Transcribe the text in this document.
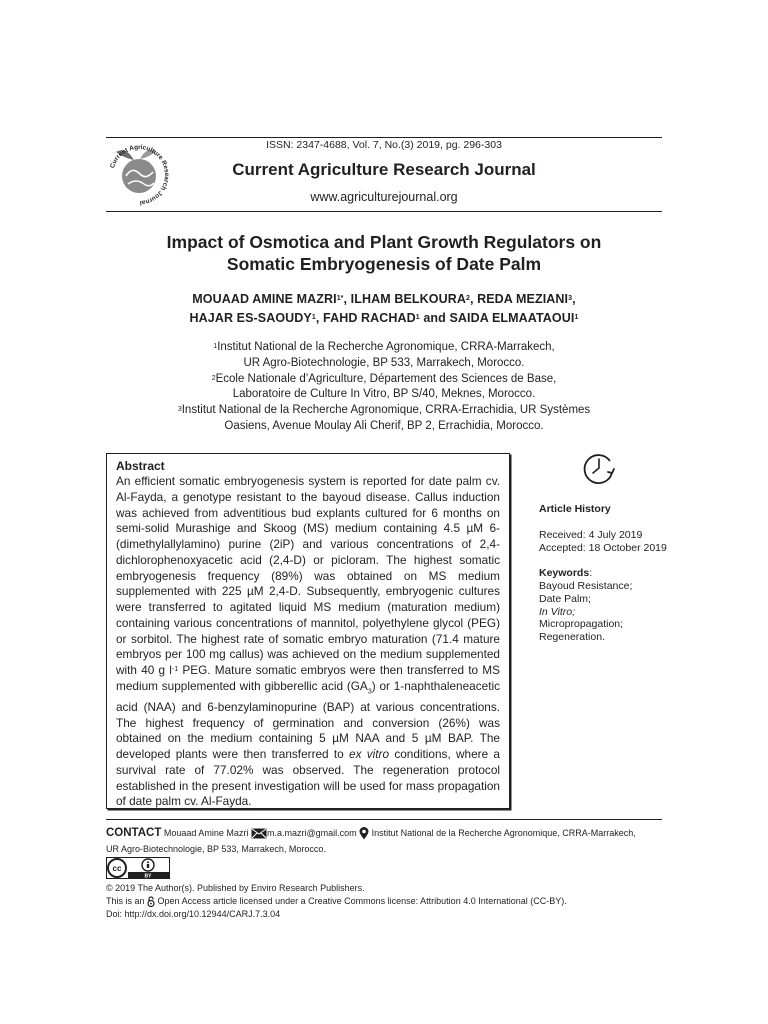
Current Agriculture Research Journal
ISSN: 2347-4688, Vol. 7, No.(3) 2019, pg. 296-303
Current Agriculture Research Journal
www.agriculturejournal.org
Impact of Osmotica and Plant Growth Regulators on
Somatic Embryogenesis of Date Palm
MOUAAD AMINE $MAZRI^{1*}$, ILHAM BELKOURA$^2$, REDA MEZIANI$^3$,
HAJAR ES-SAOUDY$^1$, FAHD RACHAD$^1$ and SAIDA ELMAATAOUI$^1$
$^1$Institut National de la Recherche Agronomique, CRRA-Marrakech,
UR Agro-Biotechnologie, BP 533, Marrakech, Morocco.
$^2$Ecole Nationale d’Agriculture, Département des Sciences de Base,
Laboratoire de Culture In Vitro, BP S/40, Meknes, Morocco.
$^3$Institut National de la Recherche Agronomique, CRRA-Errachidia, UR Systèmes
Oasiens, Avenue Moulay Ali Cherif, BP 2, Errachidia, Morocco.
Abstract
An efficient somatic embryogenesis system is reported for date palm cv. Al-Fayda, a genotype resistant to the bayoud disease. Callus induction was achieved from adventitious bud explants cultured for 6 months on semi-solid Murashige and Skoog (MS) medium containing 4.5 µM 6-(dimethylallylamino) purine (2iP) and various concentrations of 2,4-dichlorophenoxyacetic acid (2,4-D) or picloram. The highest somatic embryogenesis frequency (89%) was obtained on MS medium supplemented with 225 µM 2,4-D. Subsequently, embryogenic cultures were transferred to agitated liquid MS medium (maturation medium) containing various concentrations of mannitol, polyethylene glycol (PEG) or sorbitol. The highest rate of somatic embryo maturation (71.4 mature embryos per 100 mg callus) was achieved on the medium supplemented with 40 g $l^{-1}$ PEG. Mature somatic embryos were then transferred to MS medium supplemented with gibberellic acid $(GA_3)$ or 1-naphthaleneacetic acid (NAA) and 6-benzylaminopurine (BAP) at various concentrations. The highest frequency of germination and conversion (26%) was obtained on the medium containing 5 µM NAA and 5 µM BAP. The developed plants were then transferred to ex vitro conditions, where a survival rate of 77.02% was observed. The regeneration protocol established in the present investigation will be used for mass propagation of date palm cv. Al-Fayda.
Article History
Received: 4 July 2019
Accepted: 18 October 2019
Keywords:
Bayoud Resistance;
Date Palm;
In Vitro;
Micropropagation;
Regeneration.
CONTACT Mouaad Amine Mazri m.a.mazri@gmail.com Institut National de la Recherche Agronomique, CRRA-Marrakech,
UR Agro-Biotechnologie, BP 533, Marrakech, Morocco.
cc
BY
© 2019 The Author(s). Published by Enviro Research Publishers.
This is an Open Access article licensed under a Creative Commons license: Attribution 4.0 International (CC-BY).
Doi: http://dx.doi.org/10.12944/CARJ.7.3.04
